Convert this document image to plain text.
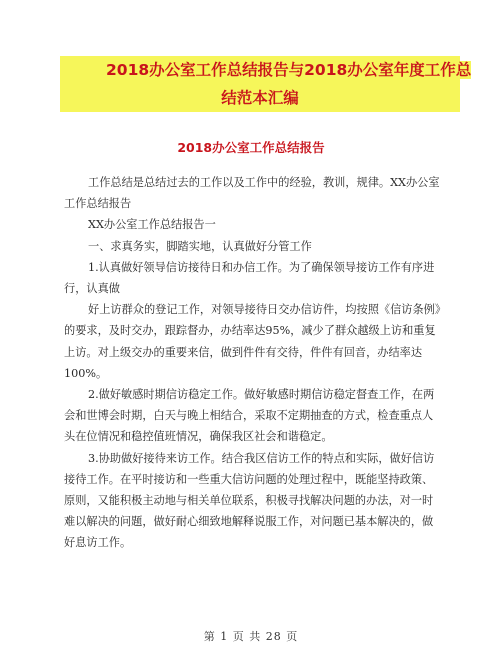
2018办公室工作总结报告与2018办公室年度工作总
结范本汇编
2018办公室工作总结报告

工作总结是总结过去的工作以及工作中的经验，教训，规律。XX办公室工作总结报告

XX办公室工作总结报告一

一、求真务实，脚踏实地，认真做好分管工作

1.认真做好领导信访接待日和办信工作。为了确保领导接访工作有序进行，认真做

好上访群众的登记工作，对领导接待日交办信访件，均按照《信访条例》的要求，及时交办，跟踪督办，办结率达95%，减少了群众越级上访和重复上访。对上级交办的重要来信，做到件件有交待，件件有回音，办结率达100%。

2.做好敏感时期信访稳定工作。做好敏感时期信访稳定督查工作，在两会和世博会时期，白天与晚上相结合，采取不定期抽查的方式，检查重点人头在位情况和稳控值班情况，确保我区社会和谐稳定。

3.协助做好接待来访工作。结合我区信访工作的特点和实际，做好信访接待工作。在平时接访和一些重大信访问题的处理过程中，既能坚持政策、原则，又能积极主动地与相关单位联系，积极寻找解决问题的办法，对一时难以解决的问题，做好耐心细致地解释说服工作，对问题已基本解决的，做好息访工作。

第 1 页 共 28 页
